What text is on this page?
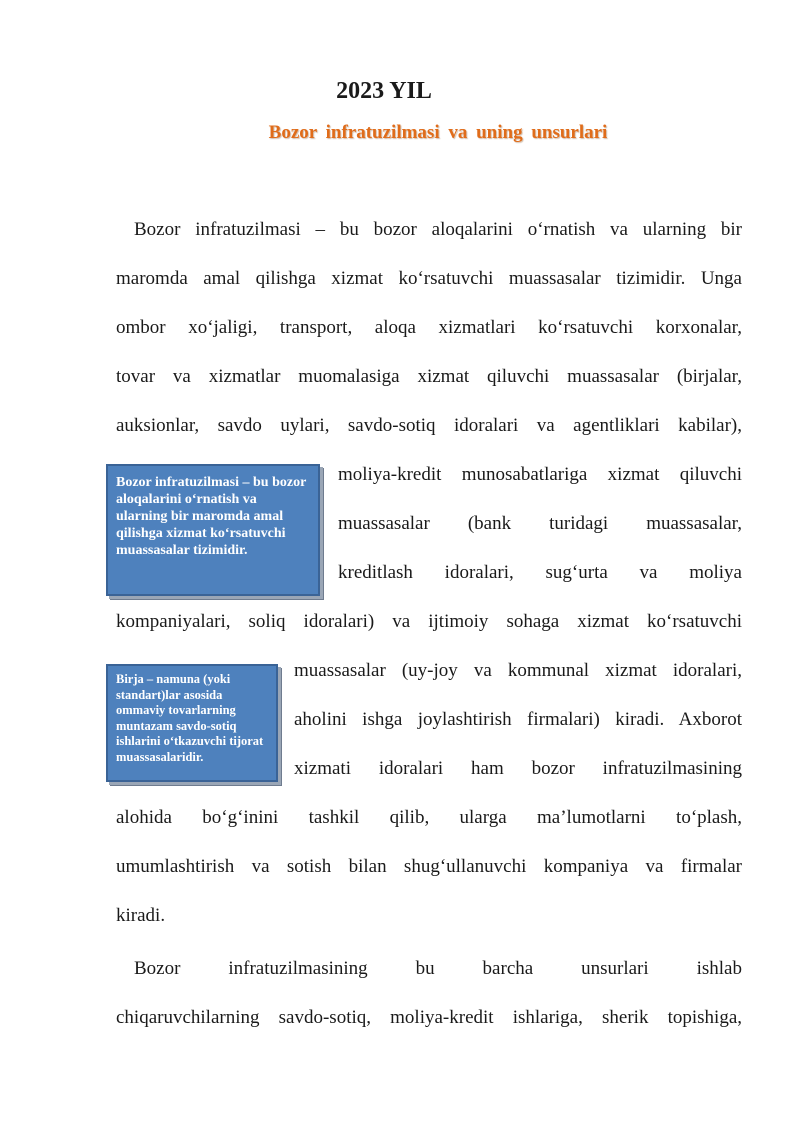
2023 YIL
Bozor infratuzilmasi va uning unsurlari
Bozor infratuzilmasi – bu bozor aloqalarini o‘rnatish va ularning bir
maromda amal qilishga xizmat ko‘rsatuvchi muassasalar tizimidir. Unga
ombor xo‘jaligi, transport, aloqa xizmatlari ko‘rsatuvchi korxonalar,
tovar va xizmatlar muomalasiga xizmat qiluvchi muassasalar (birjalar,
auksionlar, savdo uylari, savdo-sotiq idoralari va agentliklari kabilar),
moliya-kredit munosabatlariga xizmat qiluvchi
muassasalar (bank turidagi muassasalar,
kreditlash idoralari, sug‘urta va moliya
kompaniyalari, soliq idoralari) va ijtimoiy sohaga xizmat ko‘rsatuvchi
muassasalar (uy-joy va kommunal xizmat idoralari,
aholini ishga joylashtirish firmalari) kiradi. Axborot
xizmati idoralari ham bozor infratuzilmasining
alohida bo‘g‘inini tashkil qilib, ularga ma’lumotlarni to‘plash,
umumlashtirish va sotish bilan shug‘ullanuvchi kompaniya va firmalar
kiradi.
Bozor infratuzilmasining bu barcha unsurlari ishlab
chiqaruvchilarning savdo-sotiq, moliya-kredit ishlariga, sherik topishiga,
Bozor infratuzilmasi – bu bozor aloqalarini o‘rnatish va ularning bir maromda amal qilishga xizmat ko‘rsatuvchi muassasalar tizimidir.
Birja – namuna (yoki standart)lar asosida ommaviy tovarlarning muntazam savdo-sotiq ishlarini o‘tkazuvchi tijorat muassasalaridir.
